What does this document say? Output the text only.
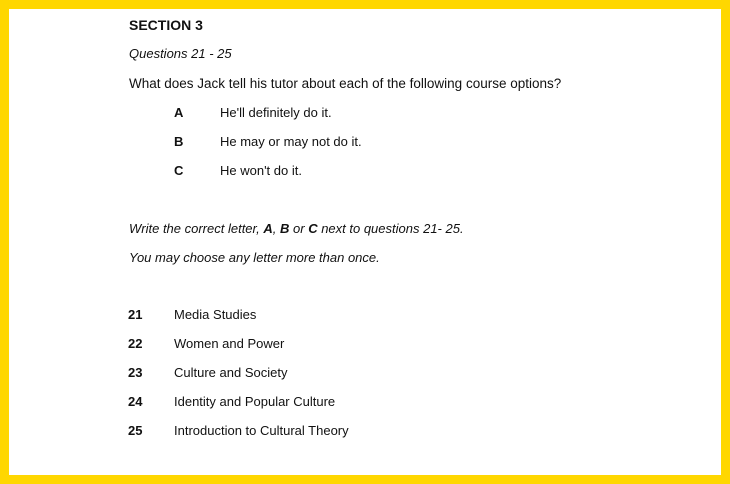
SECTION 3

Questions 21 - 25

What does Jack tell his tutor about each of the following course options?

A	He'll definitely do it.
B	He may or may not do it.
C	He won't do it.

Write the correct letter, A, B or C next to questions 21- 25.

You may choose any letter more than once.

21 Media Studies
22 Women and Power
23 Culture and Society
24 Identity and Popular Culture
25 Introduction to Cultural Theory
